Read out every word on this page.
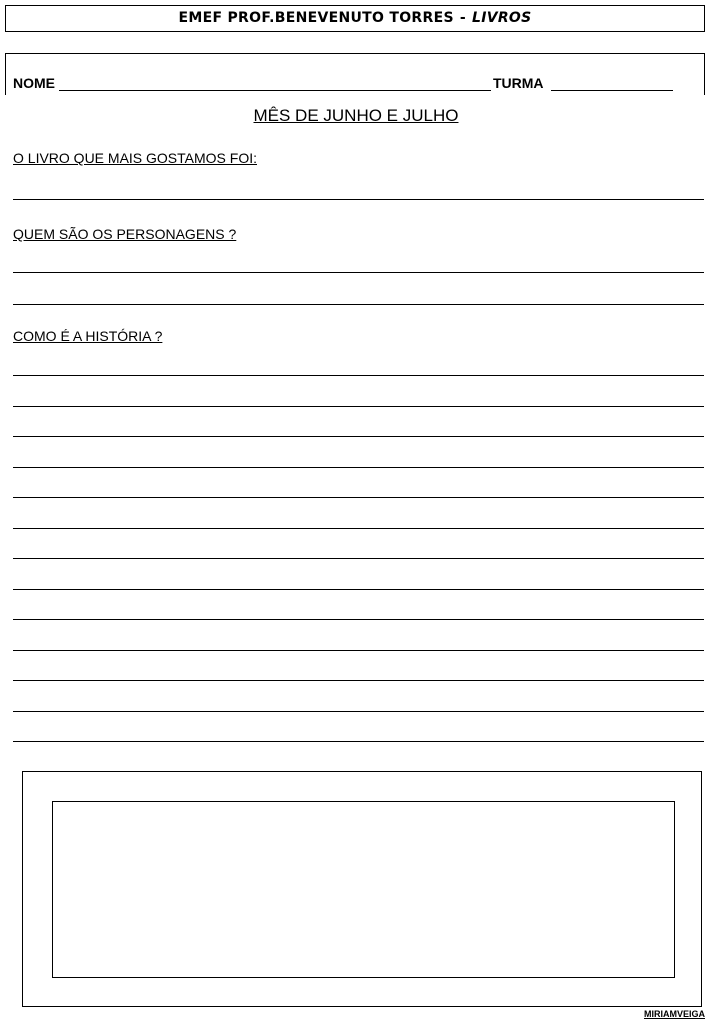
EMEF PROF.BENEVENUTO TORRES - LIVROS
NOME	TURMA
MÊS DE JUNHO E JULHO
O LIVRO QUE MAIS GOSTAMOS FOI:
QUEM SÃO OS PERSONAGENS ?
COMO É A HISTÓRIA ?
MIRIAMVEIGA
